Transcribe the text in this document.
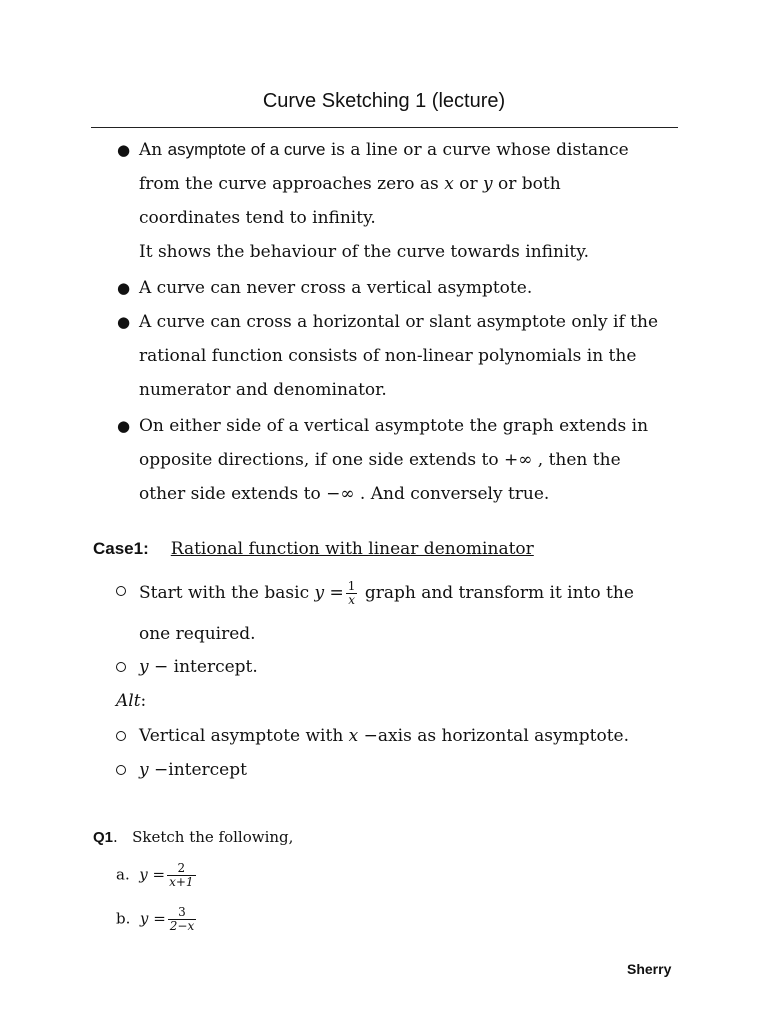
Curve Sketching 1 (lecture)
● An asymptote of a curve is a line or a curve whose distance
from the curve approaches zero as x or y or both
coordinates tend to infinity.
It shows the behaviour of the curve towards infinity.
● A curve can never cross a vertical asymptote.
● A curve can cross a horizontal or slant asymptote only if the
rational function consists of non-linear polynomials in the
numerator and denominator.
● On either side of a vertical asymptote the graph extends in
opposite directions, if one side extends to +∞ , then the
other side extends to −∞ . And conversely true.
Case1: Rational function with linear denominator
Start with the basic $y = \frac{1}{x}$ graph and transform it into the
one required.
y − intercept.
Alt:
Vertical asymptote with x −axis as horizontal asymptote.
y −intercept
Q1. Sketch the following,
a. $y = \frac{2}{x+1}$
b. $y = \frac{3}{2-x}$
Sherry
